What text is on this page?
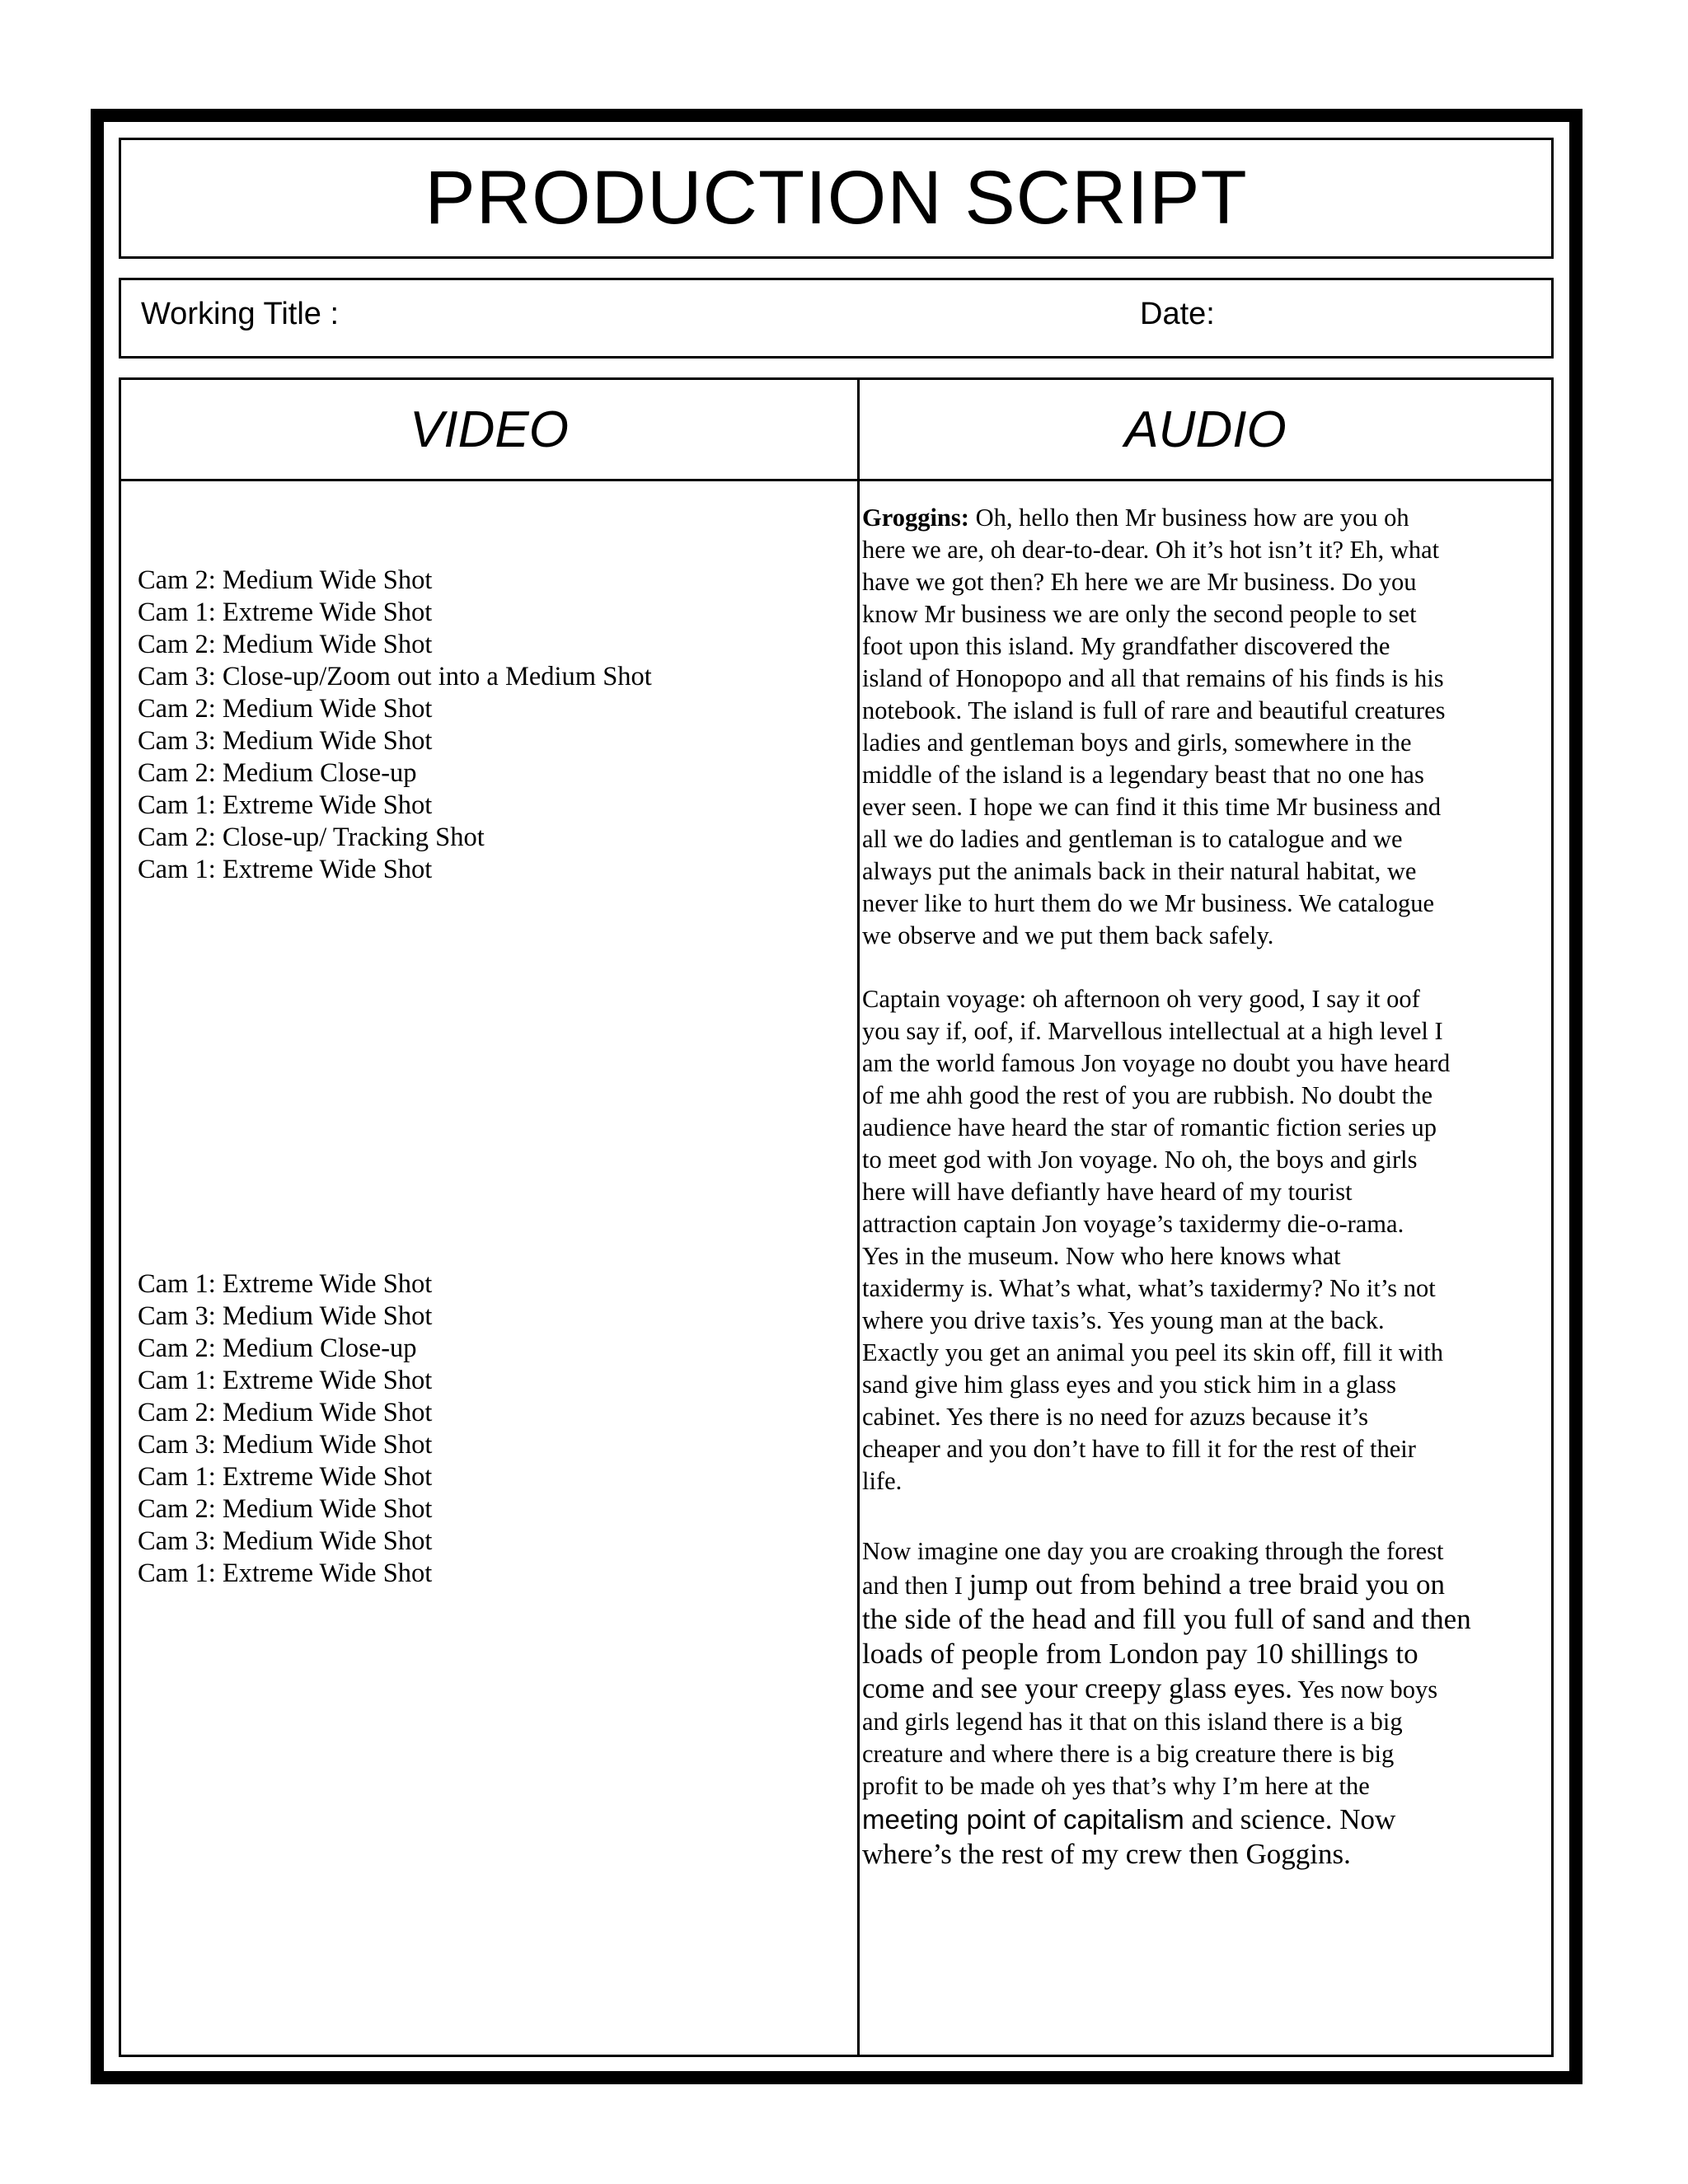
PRODUCTION SCRIPT
Working Title :	Date:
VIDEO	AUDIO
Cam 2: Medium Wide Shot
Cam 1: Extreme Wide Shot
Cam 2: Medium Wide Shot
Cam 3: Close-up/Zoom out into a Medium Shot
Cam 2: Medium Wide Shot
Cam 3: Medium Wide Shot
Cam 2: Medium Close-up
Cam 1: Extreme Wide Shot
Cam 2: Close-up/ Tracking Shot
Cam 1: Extreme Wide Shot
Cam 1: Extreme Wide Shot
Cam 3: Medium Wide Shot
Cam 2: Medium Close-up
Cam 1: Extreme Wide Shot
Cam 2: Medium Wide Shot
Cam 3: Medium Wide Shot
Cam 1: Extreme Wide Shot
Cam 2: Medium Wide Shot
Cam 3: Medium Wide Shot
Cam 1: Extreme Wide Shot
Groggins: Oh, hello then Mr business how are you oh
here we are, oh dear-to-dear. Oh it’s hot isn’t it? Eh, what
have we got then? Eh here we are Mr business. Do you
know Mr business we are only the second people to set
foot upon this island. My grandfather discovered the
island of Honopopo and all that remains of his finds is his
notebook. The island is full of rare and beautiful creatures
ladies and gentleman boys and girls, somewhere in the
middle of the island is a legendary beast that no one has
ever seen. I hope we can find it this time Mr business and
all we do ladies and gentleman is to catalogue and we
always put the animals back in their natural habitat, we
never like to hurt them do we Mr business. We catalogue
we observe and we put them back safely.
Captain voyage: oh afternoon oh very good, I say it oof
you say if, oof, if. Marvellous intellectual at a high level I
am the world famous Jon voyage no doubt you have heard
of me ahh good the rest of you are rubbish. No doubt the
audience have heard the star of romantic fiction series up
to meet god with Jon voyage. No oh, the boys and girls
here will have defiantly have heard of my tourist
attraction captain Jon voyage’s taxidermy die-o-rama.
Yes in the museum. Now who here knows what
taxidermy is. What’s what, what’s taxidermy? No it’s not
where you drive taxis’s. Yes young man at the back.
Exactly you get an animal you peel its skin off, fill it with
sand give him glass eyes and you stick him in a glass
cabinet. Yes there is no need for azuzs because it’s
cheaper and you don’t have to fill it for the rest of their
life.
Now imagine one day you are croaking through the forest
and then I jump out from behind a tree braid you on
the side of the head and fill you full of sand and then
loads of people from London pay 10 shillings to
come and see your creepy glass eyes. Yes now boys
and girls legend has it that on this island there is a big
creature and where there is a big creature there is big
profit to be made oh yes that’s why I’m here at the
meeting point of capitalism and science. Now
where’s the rest of my crew then Goggins.
